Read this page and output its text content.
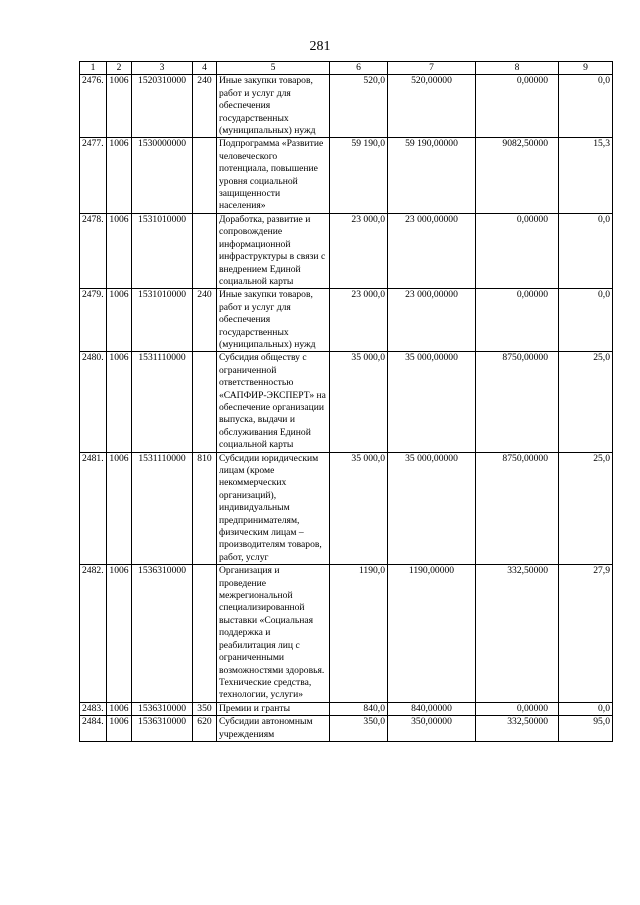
281
1	2	3	4	5	6	7	8	9
2476.	1006	1520310000	240	Иные закупки товаров, работ и услуг для обеспечения государственных (муниципальных) нужд	520,0	520,00000	0,00000	0,0
2477.	1006	1530000000		Подпрограмма «Развитие человеческого потенциала, повышение уровня социальной защищенности населения»	59 190,0	59 190,00000	9082,50000	15,3
2478.	1006	1531010000		Доработка, развитие и сопровождение информационной инфраструктуры в связи с внедрением Единой социальной карты	23 000,0	23 000,00000	0,00000	0,0
2479.	1006	1531010000	240	Иные закупки товаров, работ и услуг для обеспечения государственных (муниципальных) нужд	23 000,0	23 000,00000	0,00000	0,0
2480.	1006	1531110000		Субсидия обществу с ограниченной ответственностью «САПФИР-ЭКСПЕРТ» на обеспечение организации выпуска, выдачи и обслуживания Единой социальной карты	35 000,0	35 000,00000	8750,00000	25,0
2481.	1006	1531110000	810	Субсидии юридическим лицам (кроме некоммерческих организаций), индивидуальным предпринимателям, физическим лицам – производителям товаров, работ, услуг	35 000,0	35 000,00000	8750,00000	25,0
2482.	1006	1536310000		Организация и проведение межрегиональной специализированной выставки «Социальная поддержка и реабилитация лиц с ограниченными возможностями здоровья. Технические средства, технологии, услуги»	1190,0	1190,00000	332,50000	27,9
2483.	1006	1536310000	350	Премии и гранты	840,0	840,00000	0,00000	0,0
2484.	1006	1536310000	620	Субсидии автономным учреждениям	350,0	350,00000	332,50000	95,0
